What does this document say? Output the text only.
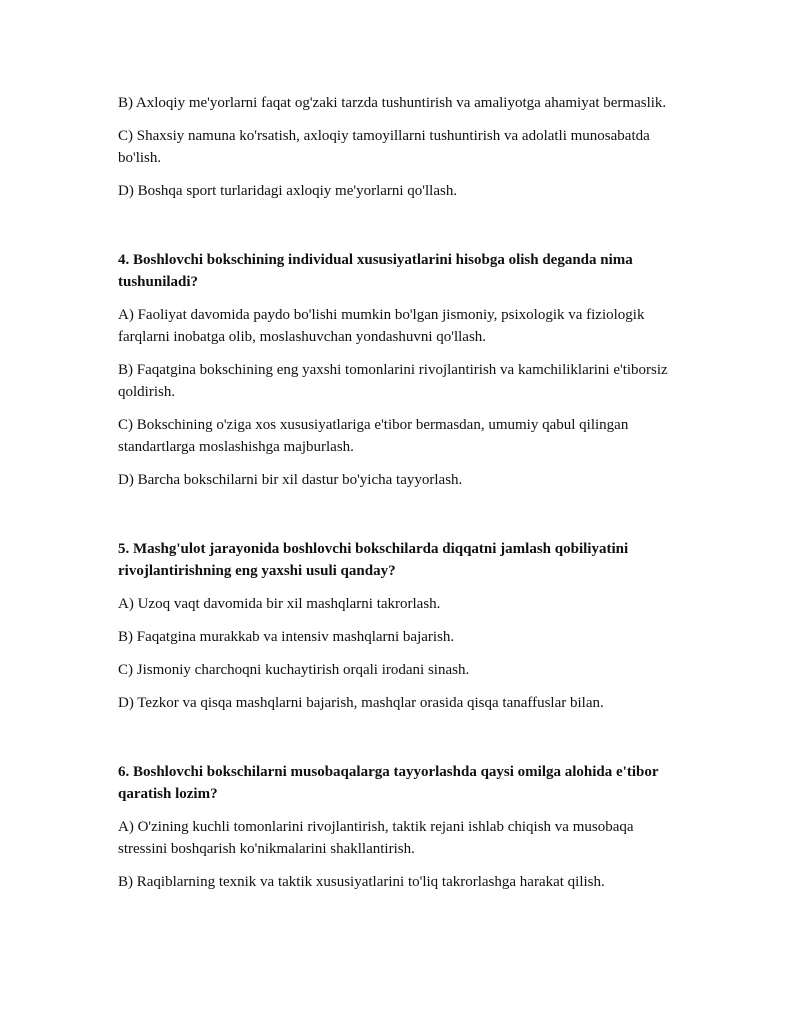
B) Axloqiy me'yorlarni faqat og'zaki tarzda tushuntirish va amaliyotga ahamiyat bermaslik.

C) Shaxsiy namuna ko'rsatish, axloqiy tamoyillarni tushuntirish va adolatli munosabatda bo'lish.

D) Boshqa sport turlaridagi axloqiy me'yorlarni qo'llash.

4. Boshlovchi bokschining individual xususiyatlarini hisobga olish deganda nima tushuniladi?

A) Faoliyat davomida paydo bo'lishi mumkin bo'lgan jismoniy, psixologik va fiziologik farqlarni inobatga olib, moslashuvchan yondashuvni qo'llash.

B) Faqatgina bokschining eng yaxshi tomonlarini rivojlantirish va kamchiliklarini e'tiborsiz qoldirish.

C) Bokschining o'ziga xos xususiyatlariga e'tibor bermasdan, umumiy qabul qilingan standartlarga moslashishga majburlash.

D) Barcha bokschilarni bir xil dastur bo'yicha tayyorlash.

5. Mashg'ulot jarayonida boshlovchi bokschilarda diqqatni jamlash qobiliyatini rivojlantirishning eng yaxshi usuli qanday?

A) Uzoq vaqt davomida bir xil mashqlarni takrorlash.

B) Faqatgina murakkab va intensiv mashqlarni bajarish.

C) Jismoniy charchoqni kuchaytirish orqali irodani sinash.

D) Tezkor va qisqa mashqlarni bajarish, mashqlar orasida qisqa tanaffuslar bilan.

6. Boshlovchi bokschilarni musobaqalarga tayyorlashda qaysi omilga alohida e'tibor qaratish lozim?

A) O'zining kuchli tomonlarini rivojlantirish, taktik rejani ishlab chiqish va musobaqa stressini boshqarish ko'nikmalarini shakllantirish.

B) Raqiblarning texnik va taktik xususiyatlarini to'liq takrorlashga harakat qilish.
